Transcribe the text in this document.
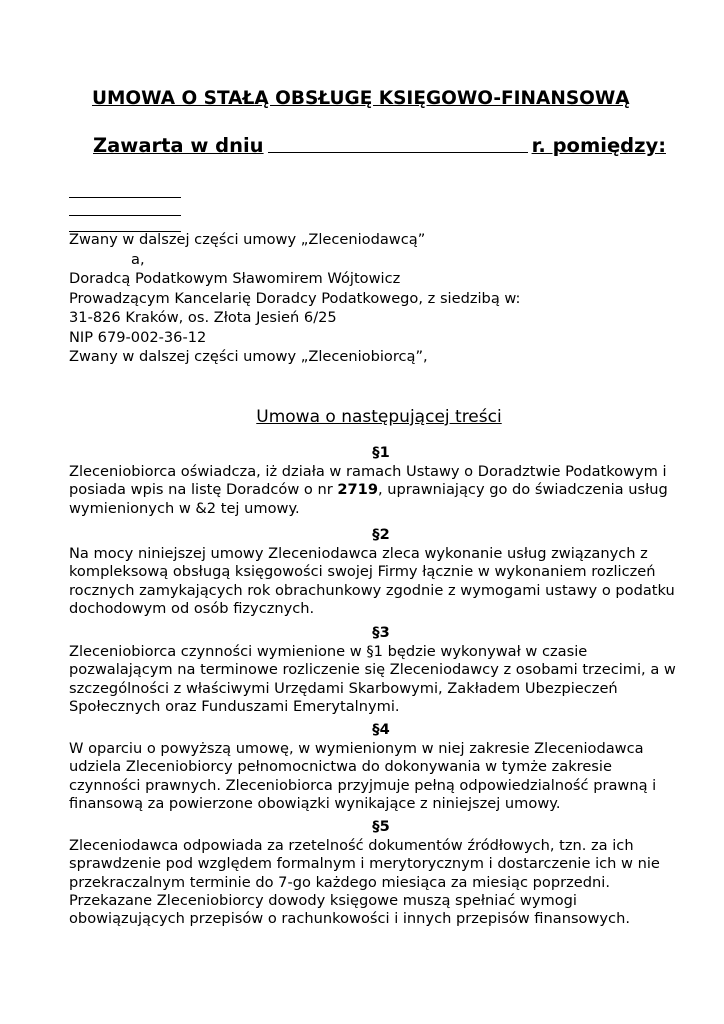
UMOWA O STAŁĄ OBSŁUGĘ KSIĘGOWO-FINANSOWĄ
Zawarta w dniu	r. pomiędzy:
Zwany w dalszej części umowy „Zleceniodawcą”
a,
Doradcą Podatkowym Sławomirem Wójtowicz
Prowadzącym Kancelarię Doradcy Podatkowego, z siedzibą w:
31-826 Kraków, os. Złota Jesień 6/25
NIP 679-002-36-12
Zwany w dalszej części umowy „Zleceniobiorcą”,
Umowa o następującej treści
§1

Zleceniobiorca oświadcza, iż działa w ramach Ustawy o Doradztwie Podatkowym i posiada wpis na listę Doradców o nr 2719, uprawniający go do świadczenia usług wymienionych w &2 tej umowy.

§2

Na mocy niniejszej umowy Zleceniodawca zleca wykonanie usług związanych z kompleksową obsługą księgowości swojej Firmy łącznie w wykonaniem rozliczeń rocznych zamykających rok obrachunkowy zgodnie z wymogami ustawy o podatku dochodowym od osób fizycznych.

§3

Zleceniobiorca czynności wymienione w §1 będzie wykonywał w czasie pozwalającym na terminowe rozliczenie się Zleceniodawcy z osobami trzecimi, a w szczególności z właściwymi Urzędami Skarbowymi, Zakładem Ubezpieczeń Społecznych oraz Funduszami Emerytalnymi.

§4

W oparciu o powyższą umowę, w wymienionym w niej zakresie Zleceniodawca udziela Zleceniobiorcy pełnomocnictwa do dokonywania w tymże zakresie czynności prawnych. Zleceniobiorca przyjmuje pełną odpowiedzialność prawną i finansową za powierzone obowiązki wynikające z niniejszej umowy.

§5

Zleceniodawca odpowiada za rzetelność dokumentów źródłowych, tzn. za ich sprawdzenie pod względem formalnym i merytorycznym i dostarczenie ich w nie przekraczalnym terminie do 7-go każdego miesiąca za miesiąc poprzedni.

Przekazane Zleceniobiorcy dowody księgowe muszą spełniać wymogi obowiązujących przepisów o rachunkowości i innych przepisów finansowych.
